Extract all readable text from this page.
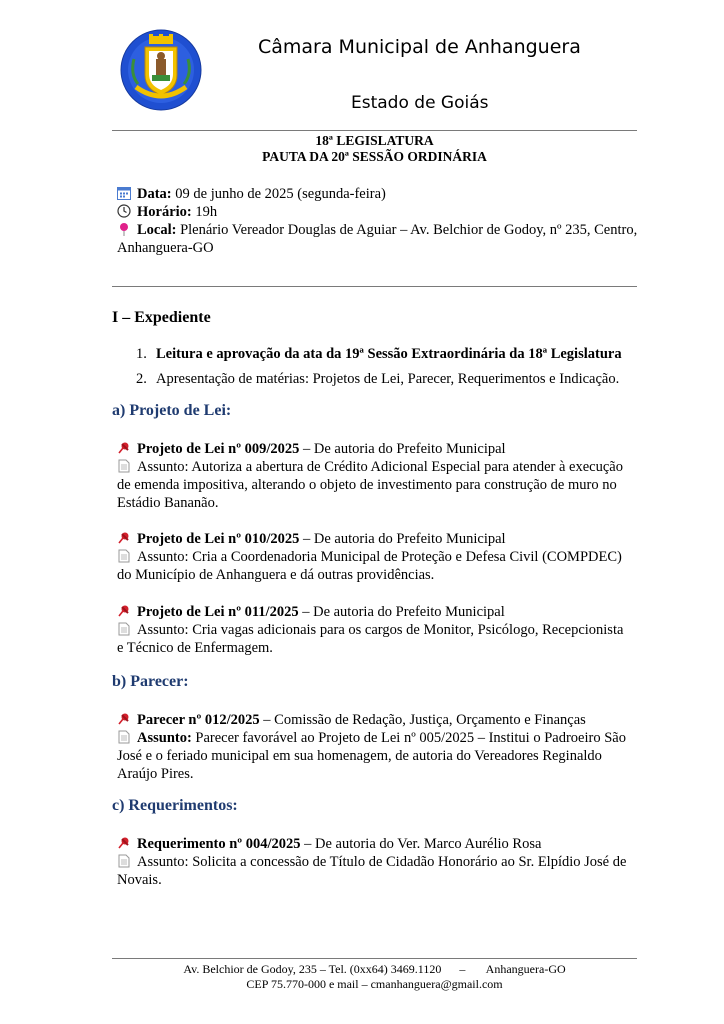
Câmara Municipal de Anhanguera
Estado de Goiás
18ª LEGISLATURA
PAUTA DA 20ª SESSÃO ORDINÁRIA
Data: 09 de junho de 2025 (segunda-feira)
Horário: 19h
Local: Plenário Vereador Douglas de Aguiar – Av. Belchior de Godoy, nº 235, Centro,
Anhanguera-GO
I – Expediente
1. Leitura e aprovação da ata da 19ª Sessão Extraordinária da 18ª Legislatura
2. Apresentação de matérias: Projetos de Lei, Parecer, Requerimentos e Indicação.
a) Projeto de Lei:
Projeto de Lei nº 009/2025 – De autoria do Prefeito Municipal
Assunto: Autoriza a abertura de Crédito Adicional Especial para atender à execução
de emenda impositiva, alterando o objeto de investimento para construção de muro no
Estádio Bananão.
Projeto de Lei nº 010/2025 – De autoria do Prefeito Municipal
Assunto: Cria a Coordenadoria Municipal de Proteção e Defesa Civil (COMPDEC)
do Município de Anhanguera e dá outras providências.
Projeto de Lei nº 011/2025 – De autoria do Prefeito Municipal
Assunto: Cria vagas adicionais para os cargos de Monitor, Psicólogo, Recepcionista
e Técnico de Enfermagem.
b) Parecer:
Parecer nº 012/2025 – Comissão de Redação, Justiça, Orçamento e Finanças
Assunto: Parecer favorável ao Projeto de Lei nº 005/2025 – Institui o Padroeiro São
José e o feriado municipal em sua homenagem, de autoria do Vereadores Reginaldo
Araújo Pires.
c) Requerimentos:
Requerimento nº 004/2025 – De autoria do Ver. Marco Aurélio Rosa
Assunto: Solicita a concessão de Título de Cidadão Honorário ao Sr. Elpídio José de
Novais.
Av. Belchior de Godoy, 235 – Tel. (0xx64) 3469.1120      –       Anhanguera-GO
CEP 75.770-000 e mail – cmanhanguera@gmail.com
